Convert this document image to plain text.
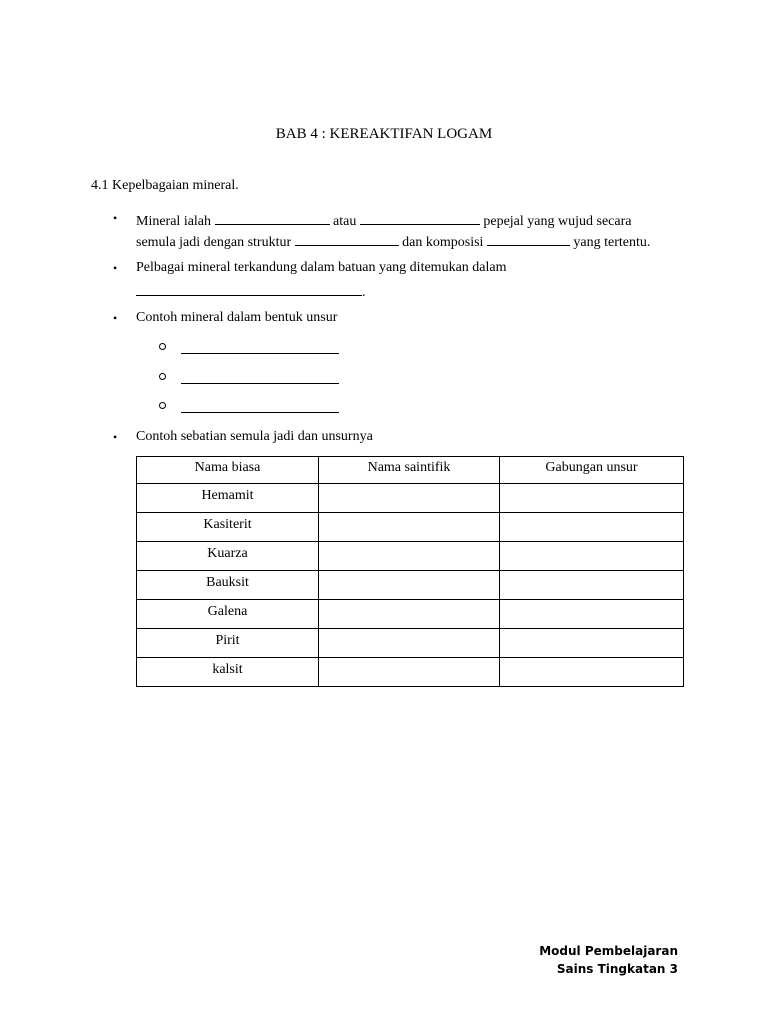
BAB 4 : KEREAKTIFAN LOGAM
4.1 Kepelbagaian mineral.
• Mineral ialah	atau	pepejal yang wujud secara
semula jadi dengan struktur	dan komposisi	yang tertentu.
• Pelbagai mineral terkandung dalam batuan yang ditemukan dalam
.
• Contoh mineral dalam bentuk unsur
• Contoh sebatian semula jadi dan unsurnya
Nama biasa	Nama saintifik	Gabungan unsur
Hemamit		
Kasiterit		
Kuarza		
Bauksit		
Galena		
Pirit		
kalsit		
Modul Pembelajaran
Sains Tingkatan 3
